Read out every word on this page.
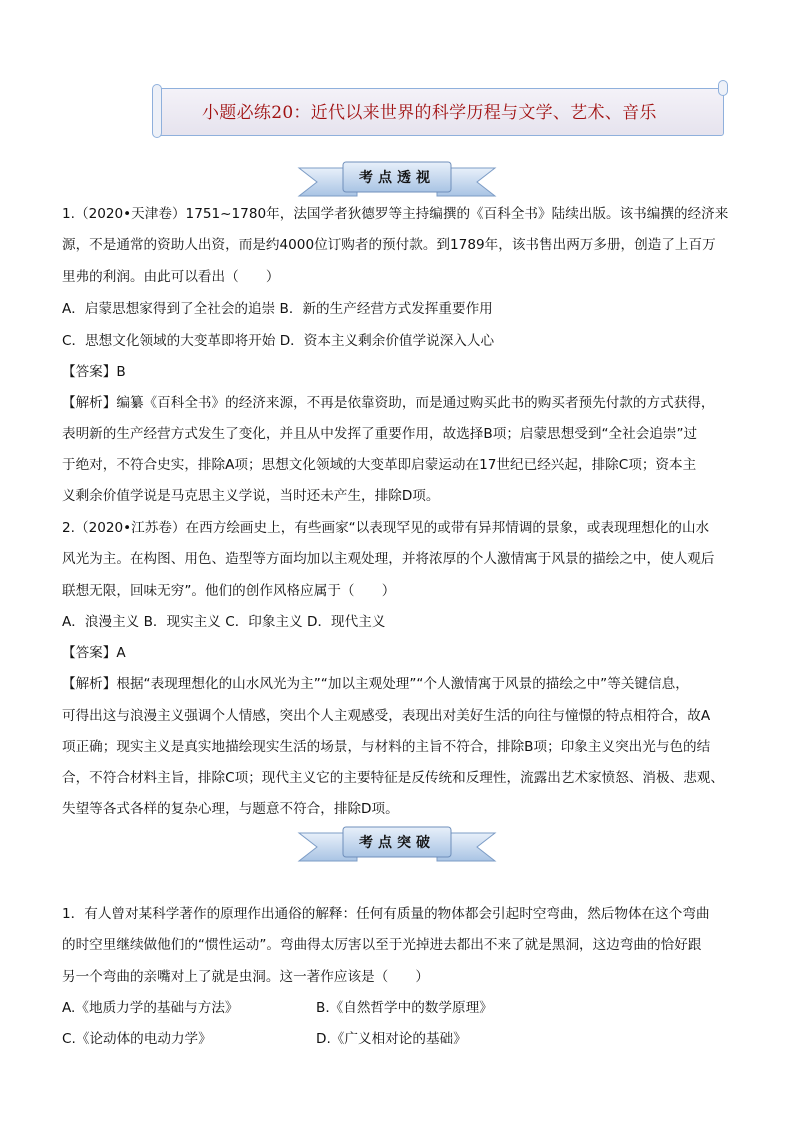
小题必练20：近代以来世界的科学历程与文学、艺术、音乐
考点透视
1.（2020•天津卷）1751~1780年，法国学者狄德罗等主持编撰的《百科全书》陆续出版。该书编撰的经济来
源，不是通常的资助人出资，而是约4000位订购者的预付款。到1789年，该书售出两万多册，创造了上百万
里弗的利润。由此可以看出（　　）
A．启蒙思想家得到了全社会的追崇 B．新的生产经营方式发挥重要作用
C．思想文化领域的大变革即将开始 D．资本主义剩余价值学说深入人心
【答案】B
【解析】编纂《百科全书》的经济来源，不再是依靠资助，而是通过购买此书的购买者预先付款的方式获得，
表明新的生产经营方式发生了变化，并且从中发挥了重要作用，故选择B项；启蒙思想受到“全社会追崇”过
于绝对，不符合史实，排除A项；思想文化领域的大变革即启蒙运动在17世纪已经兴起，排除C项；资本主
义剩余价值学说是马克思主义学说，当时还未产生，排除D项。
2.（2020•江苏卷）在西方绘画史上，有些画家“以表现罕见的或带有异邦情调的景象，或表现理想化的山水
风光为主。在构图、用色、造型等方面均加以主观处理，并将浓厚的个人激情寓于风景的描绘之中，使人观后
联想无限，回味无穷”。他们的创作风格应属于（　　）
A．浪漫主义 B．现实主义 C．印象主义 D．现代主义
【答案】A
【解析】根据“表现理想化的山水风光为主”“加以主观处理”“个人激情寓于风景的描绘之中”等关键信息，
可得出这与浪漫主义强调个人情感，突出个人主观感受，表现出对美好生活的向往与憧憬的特点相符合，故A
项正确；现实主义是真实地描绘现实生活的场景，与材料的主旨不符合，排除B项；印象主义突出光与色的结
合，不符合材料主旨，排除C项；现代主义它的主要特征是反传统和反理性，流露出艺术家愤怒、消极、悲观、
失望等各式各样的复杂心理，与题意不符合，排除D项。
考点突破
1．有人曾对某科学著作的原理作出通俗的解释：任何有质量的物体都会引起时空弯曲，然后物体在这个弯曲
的时空里继续做他们的“惯性运动”。弯曲得太厉害以至于光掉进去都出不来了就是黑洞，这边弯曲的恰好跟
另一个弯曲的亲嘴对上了就是虫洞。这一著作应该是（　　）
A.《地质力学的基础与方法》	B.《自然哲学中的数学原理》
C.《论动体的电动力学》	D.《广义相对论的基础》
